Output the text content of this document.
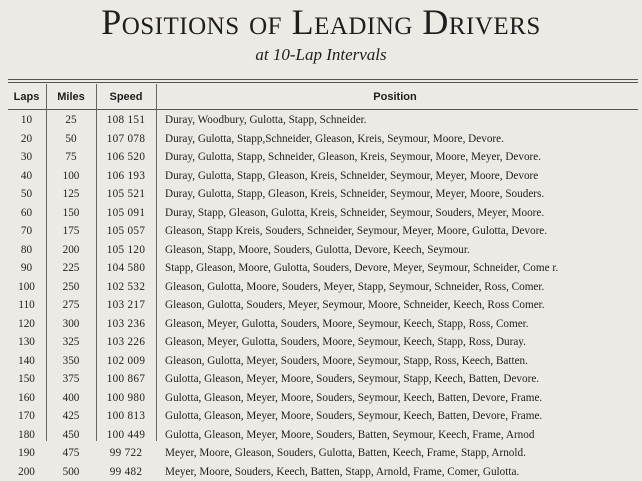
Positions of Leading Drivers
at 10-Lap Intervals
Laps	Miles	Speed	Position
10	25	108 151	Duray, Woodbury, Gulotta, Stapp, Schneider.
20	50	107 078	Duray, Gulotta, Stapp,Schneider, Gleason, Kreis, Seymour, Moore, Devore.
30	75	106 520	Duray, Gulotta, Stapp, Schneider, Gleason, Kreis, Seymour, Moore, Meyer, Devore.
40	100	106 193	Duray, Gulotta, Stapp, Gleason, Kreis, Schneider, Seymour, Meyer, Moore, Devore
50	125	105 521	Duray, Gulotta, Stapp, Gleason, Kreis, Schneider, Seymour, Meyer, Moore, Souders.
60	150	105 091	Duray, Stapp, Gleason, Gulotta, Kreis, Schneider, Seymour, Souders, Meyer, Moore.
70	175	105 057	Gleason, Stapp Kreis, Souders, Schneider, Seymour, Meyer, Moore, Gulotta, Devore.
80	200	105 120	Gleason, Stapp, Moore, Souders, Gulotta, Devore, Keech, Seymour.
90	225	104 580	Stapp, Gleason, Moore, Gulotta, Souders, Devore, Meyer, Seymour, Schneider, Come r.
100	250	102 532	Gleason, Gulotta, Moore, Souders, Meyer, Stapp, Seymour, Schneider, Ross, Comer.
110	275	103 217	Gleason, Gulotta, Souders, Meyer, Seymour, Moore, Schneider, Keech, Ross Comer.
120	300	103 236	Gleason, Meyer, Gulotta, Souders, Moore, Seymour, Keech, Stapp, Ross, Comer.
130	325	103 226	Gleason, Meyer, Gulotta, Souders, Moore, Seymour, Keech, Stapp, Ross, Duray.
140	350	102 009	Gleason, Gulotta, Meyer, Souders, Moore, Seymour, Stapp, Ross, Keech, Batten.
150	375	100 867	Gulotta, Gleason, Meyer, Moore, Souders, Seymour, Stapp, Keech, Batten, Devore.
160	400	100 980	Gulotta, Gleason, Meyer, Moore, Souders, Seymour, Keech, Batten, Devore, Frame.
170	425	100 813	Gulotta, Gleason, Meyer, Moore, Souders, Seymour, Keech, Batten, Devore, Frame.
180	450	100 449	Gulotta, Gleason, Meyer, Moore, Souders, Batten, Seymour, Keech, Frame, Arnod
190	475	99 722	Meyer, Moore, Gleason, Souders, Gulotta, Batten, Keech, Frame, Stapp, Arnold.
200	500	99 482	Meyer, Moore, Souders, Keech, Batten, Stapp, Arnold, Frame, Comer, Gulotta.
